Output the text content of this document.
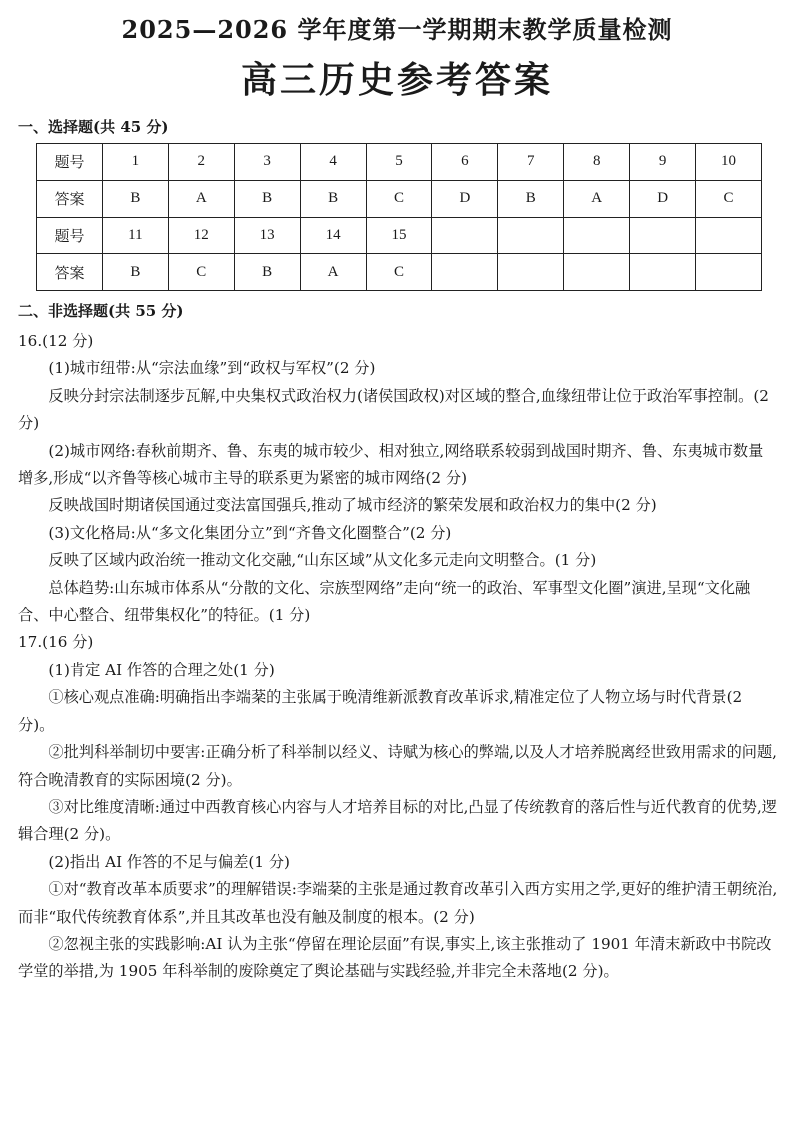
2025—2026 学年度第一学期期末教学质量检测
高三历史参考答案
一、选择题(共 45 分)
题号	1	2	3	4	5	6	7	8	9	10
答案	B	A	B	B	C	D	B	A	D	C
题号	11	12	13	14	15					
答案	B	C	B	A	C					
二、非选择题(共 55 分)

16.(12 分)

(1)城市纽带:从“宗法血缘”到“政权与军权”(2 分)

反映分封宗法制逐步瓦解,中央集权式政治权力(诸侯国政权)对区域的整合,血缘纽带让位于政治军事控制。(2 分)

(2)城市网络:春秋前期齐、鲁、东夷的城市较少、相对独立,网络联系较弱到战国时期齐、鲁、东夷城市数量增多,形成“以齐鲁等核心城市主导的联系更为紧密的城市网络(2 分)

反映战国时期诸侯国通过变法富国强兵,推动了城市经济的繁荣发展和政治权力的集中(2 分)

(3)文化格局:从“多文化集团分立”到“齐鲁文化圈整合”(2 分)

反映了区域内政治统一推动文化交融,“山东区域”从文化多元走向文明整合。(1 分)

总体趋势:山东城市体系从“分散的文化、宗族型网络”走向“统一的政治、军事型文化圈”演进,呈现“文化融合、中心整合、纽带集权化”的特征。(1 分)

17.(16 分)

(1)肯定 AI 作答的合理之处(1 分)

①核心观点准确:明确指出李端棻的主张属于晚清维新派教育改革诉求,精准定位了人物立场与时代背景(2 分)。

②批判科举制切中要害:正确分析了科举制以经义、诗赋为核心的弊端,以及人才培养脱离经世致用需求的问题,符合晚清教育的实际困境(2 分)。

③对比维度清晰:通过中西教育核心内容与人才培养目标的对比,凸显了传统教育的落后性与近代教育的优势,逻辑合理(2 分)。

(2)指出 AI 作答的不足与偏差(1 分)

①对“教育改革本质要求”的理解错误:李端棻的主张是通过教育改革引入西方实用之学,更好的维护清王朝统治,而非“取代传统教育体系”,并且其改革也没有触及制度的根本。(2 分)

②忽视主张的实践影响:AI 认为主张“停留在理论层面”有误,事实上,该主张推动了 1901 年清末新政中书院改学堂的举措,为 1905 年科举制的废除奠定了舆论基础与实践经验,并非完全未落地(2 分)。
